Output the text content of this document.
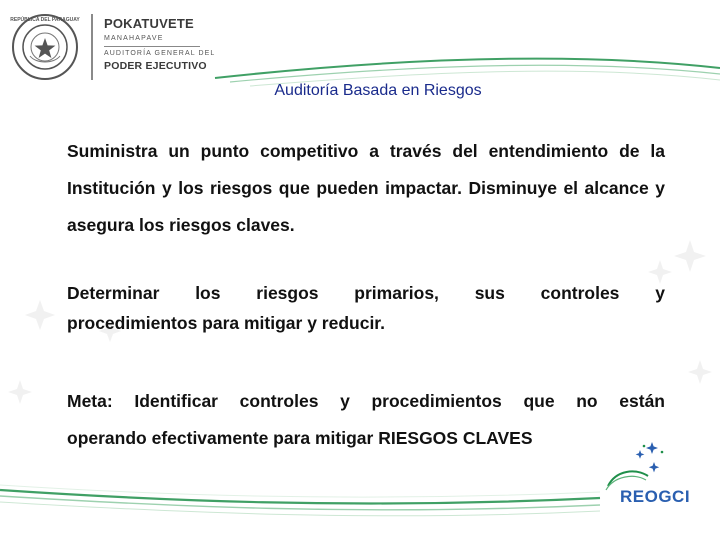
REPÚBLICA DEL PARAGUAY POKATUVETE
MANAHAPAVE
AUDITORÍA GENERAL DEL
PODER EJECUTIVO
Auditoría Basada en Riesgos
Suministra un punto competitivo a través del entendimiento de la Institución y los riesgos que pueden impactar. Disminuye el alcance y asegura los riesgos claves.
Determinar los riesgos primarios, sus controles y
procedimientos para mitigar y reducir.
Meta: Identificar controles y procedimientos que no están
operando efectivamente para mitigar RIESGOS CLAVES
REOGCI
